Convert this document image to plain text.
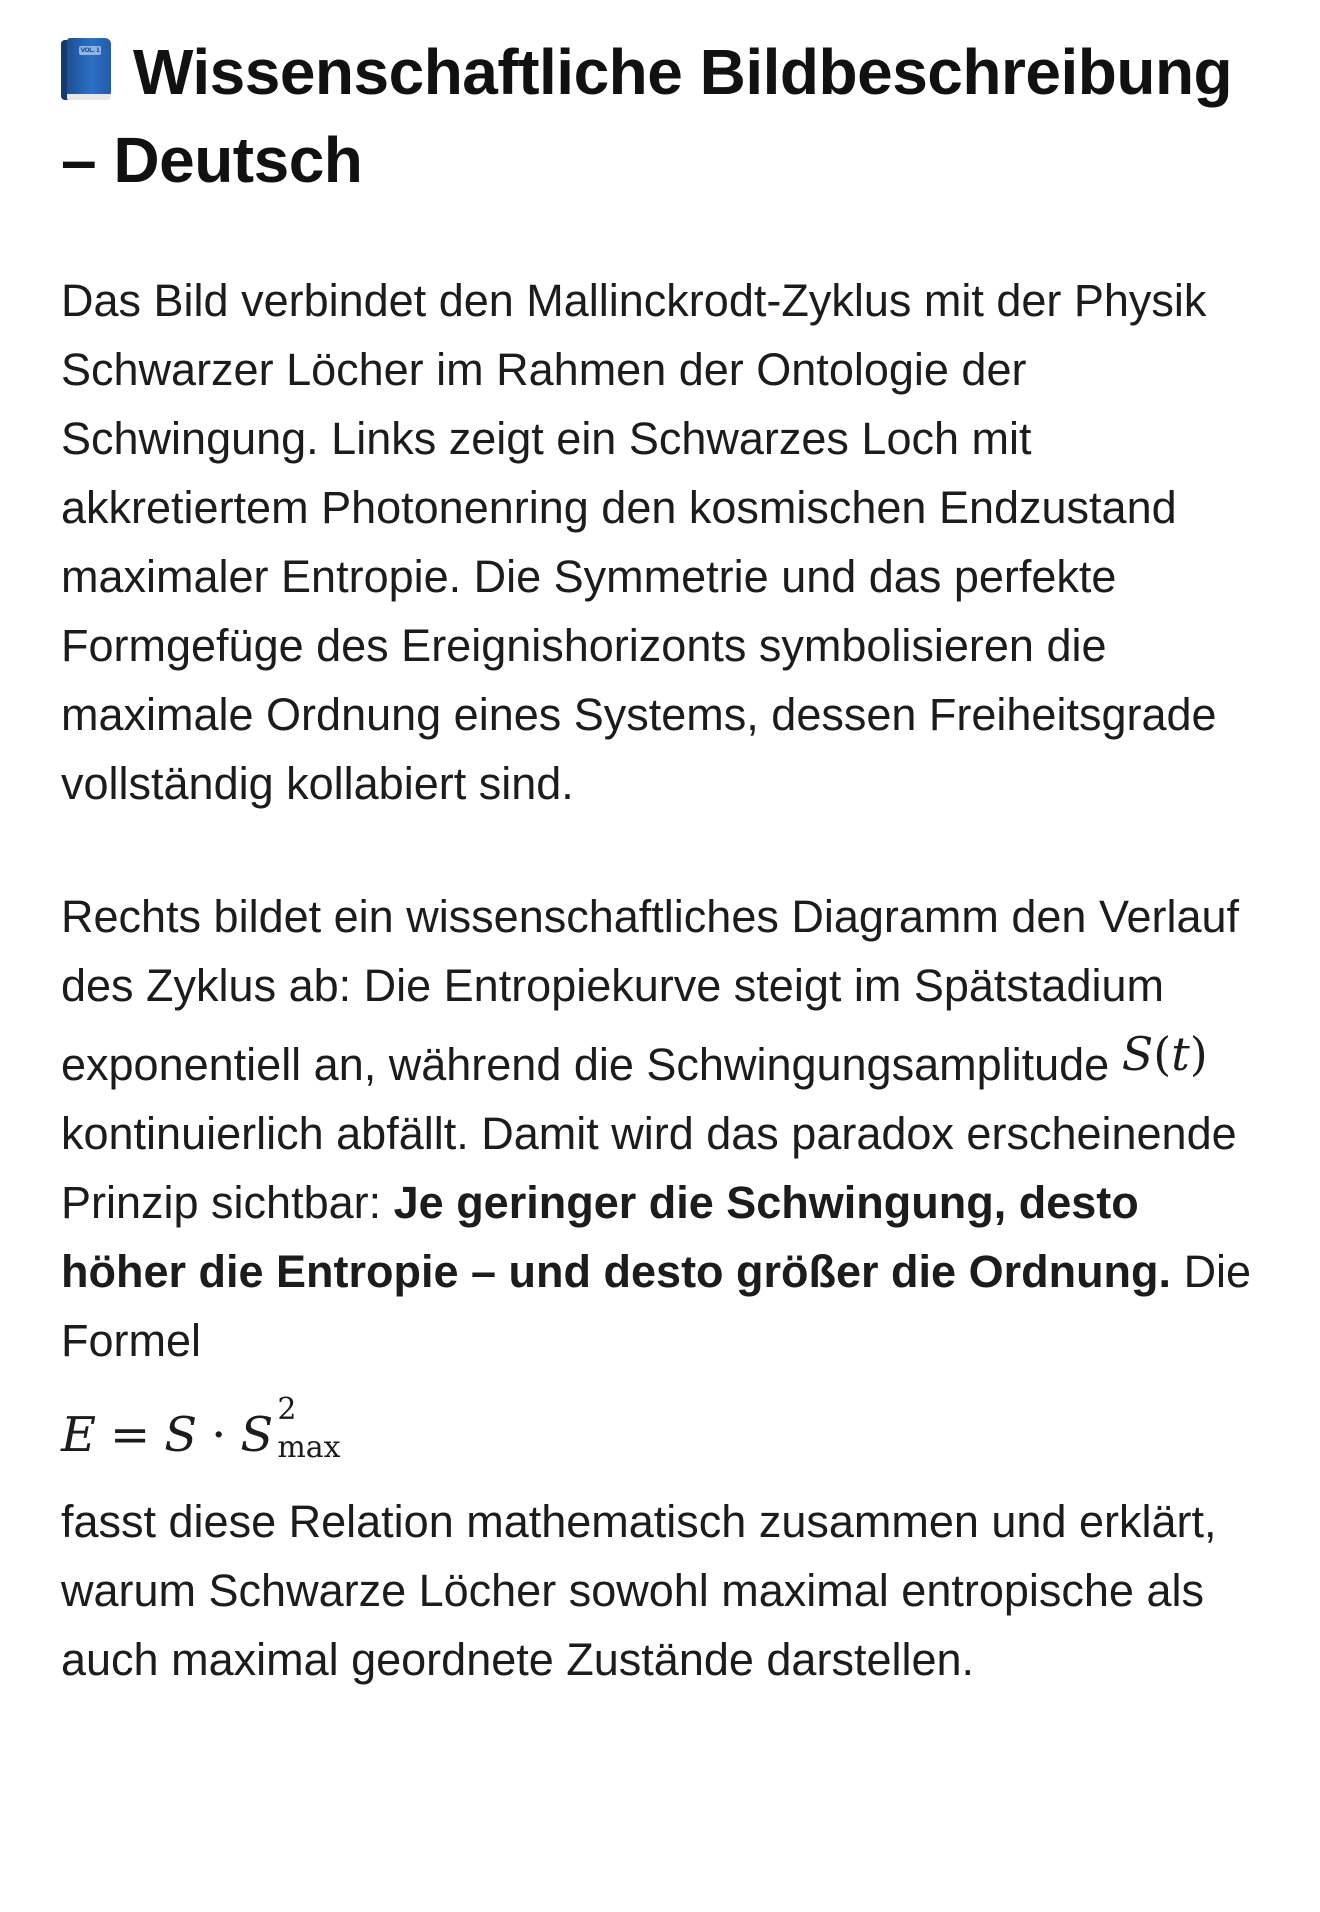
VOL. 1 Wissenschaftliche Bildbeschreibung – Deutsch

Das Bild verbindet den Mallinckrodt-Zyklus mit der Physik Schwarzer Löcher im Rahmen der Ontologie der Schwingung. Links zeigt ein Schwarzes Loch mit akkretiertem Photonenring den kosmischen Endzustand maximaler Entropie. Die Symmetrie und das perfekte Formgefüge des Ereignishorizonts symbolisieren die maximale Ordnung eines Systems, dessen Freiheitsgrade vollständig kollabiert sind.

Rechts bildet ein wissenschaftliches Diagramm den Verlauf des Zyklus ab: Die Entropiekurve steigt im Spätstadium exponentiell an, während die Schwingungsamplitude S(t) kontinuierlich abfällt. Damit wird das paradox erscheinende Prinzip sichtbar: Je geringer die Schwingung, desto höher die Entropie – und desto größer die Ordnung. Die Formel

E = S · S 2
max

fasst diese Relation mathematisch zusammen und erklärt, warum Schwarze Löcher sowohl maximal entropische als auch maximal geordnete Zustände darstellen.
